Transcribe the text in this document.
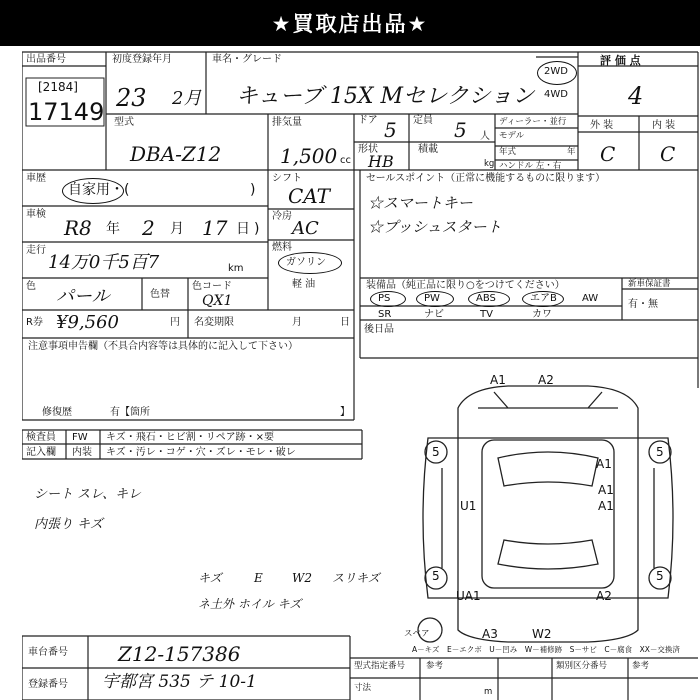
★買取店出品★
出品番号
[2184]
17149
初度登録年月
23 2月
車名・グレード
キューブ 15X Mセレクション
2WD
4WD
評 価 点
4
外 装	内 装
C C
型式
DBA-Z12
排気量
1,500 cc
ドア 5 定員 5 人
ディーラー・並行
モデル
年式
形状
HB
積載
kg ハンドル 左・右
年
車歴
自家用・(	)
車検
R8 年 2 月 17 日 )
走行
14万0千5百7	km
色 パール	色替
色コード
QX1
シフト
CAT
冷房
AC
燃料
ガソリン
軽 油
セールスポイント（正常に機能するものに限ります）
☆スマートキー
☆プッシュスタート
装備品（純正品に限り○をつけてください）	新車保証書
有・無
PS	PW	ABS	エアB	AW
SR	ナビ	TV	カワ
後日品
R券 ¥9,560	円 名変期限	月	日
注意事項申告欄（不具合内容等は具体的に記入して下さい）
修復歴	有【箇所	】
検査員
記入欄
FW キズ・飛石・ヒビ割・リペア跡・×要
内装 キズ・汚レ・コゲ・穴・ズレ・モレ・破レ
シート スレ、キレ
内張り キズ
キズ	E W2 スリキズ
ネ土外 ホイル キズ
A1	A2
5	5
A1
U1	A1
5	5
UA1	A2
A3	W2
A1
スペア
A－キズ　E－エクボ　U－凹み　W－補修跡　S－サビ　C－腐食　XX－交換済
車台番号	Z12-157386
登録番号 宇都宮 535 テ 10-1
型式指定番号 参考	類別区分番号	参考
寸法	m
